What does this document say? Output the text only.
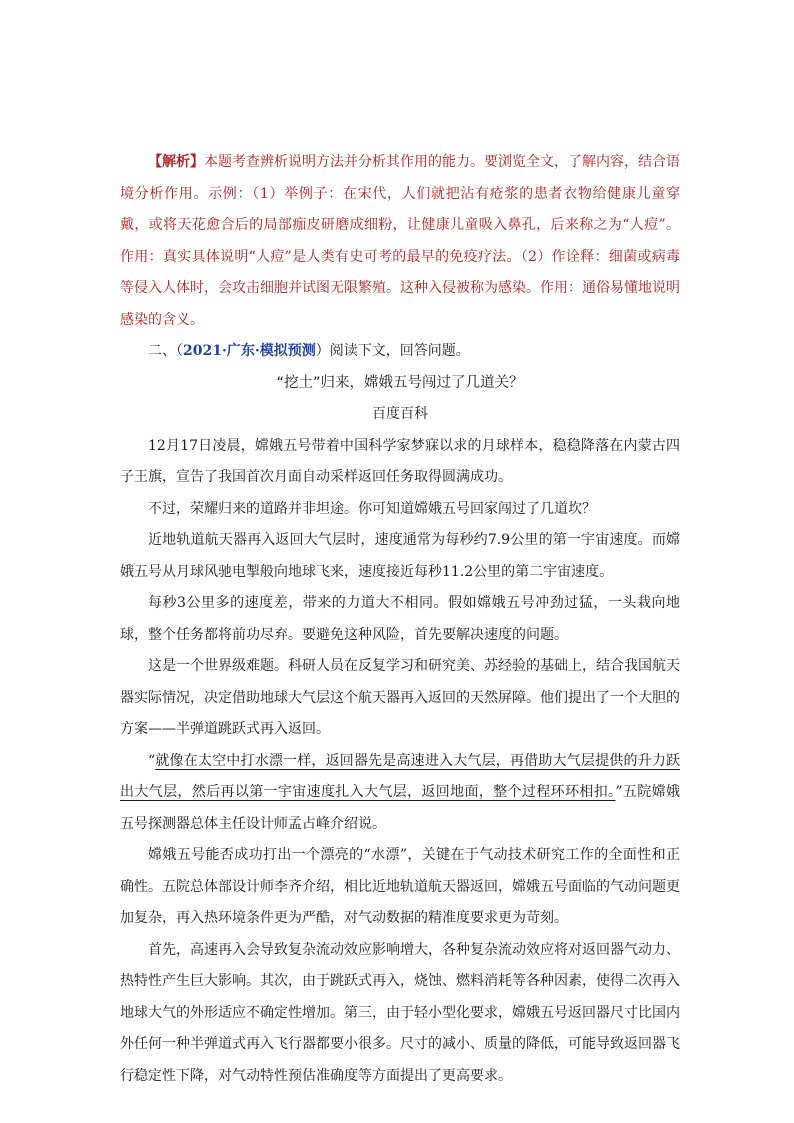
【解析】本题考查辨析说明方法并分析其作用的能力。要浏览全文，了解内容，结合语境分析作用。示例：（1）举例子：在宋代，人们就把沾有疮浆的患者衣物给健康儿童穿戴，或将天花愈合后的局部痂皮研磨成细粉，让健康儿童吸入鼻孔，后来称之为“人痘”。作用：真实具体说明“人痘”是人类有史可考的最早的免疫疗法。（2）作诠释：细菌或病毒等侵入人体时，会攻击细胞并试图无限繁殖。这种入侵被称为感染。作用：通俗易懂地说明感染的含义。

二、（2021·广东·模拟预测）阅读下文，回答问题。

“挖土”归来，嫦娥五号闯过了几道关？

百度百科

12月17日凌晨，嫦娥五号带着中国科学家梦寐以求的月球样本，稳稳降落在内蒙古四子王旗，宣告了我国首次月面自动采样返回任务取得圆满成功。

不过，荣耀归来的道路并非坦途。你可知道嫦娥五号回家闯过了几道坎？

近地轨道航天器再入返回大气层时，速度通常为每秒约7.9公里的第一宇宙速度。而嫦娥五号从月球风驰电掣般向地球飞来，速度接近每秒11.2公里的第二宇宙速度。

每秒3公里多的速度差，带来的力道大不相同。假如嫦娥五号冲劲过猛，一头栽向地球，整个任务都将前功尽弃。要避免这种风险，首先要解决速度的问题。

这是一个世界级难题。科研人员在反复学习和研究美、苏经验的基础上，结合我国航天器实际情况，决定借助地球大气层这个航天器再入返回的天然屏障。他们提出了一个大胆的方案——半弹道跳跃式再入返回。

“就像在太空中打水漂一样，返回器先是高速进入大气层，再借助大气层提供的升力跃出大气层，然后再以第一宇宙速度扎入大气层，返回地面，整个过程环环相扣。”五院嫦娥五号探测器总体主任设计师孟占峰介绍说。

嫦娥五号能否成功打出一个漂亮的“水漂”，关键在于气动技术研究工作的全面性和正确性。五院总体部设计师李齐介绍，相比近地轨道航天器返回，嫦娥五号面临的气动问题更加复杂，再入热环境条件更为严酷，对气动数据的精准度要求更为苛刻。

首先，高速再入会导致复杂流动效应影响增大，各种复杂流动效应将对返回器气动力、热特性产生巨大影响。其次，由于跳跃式再入，烧蚀、燃料消耗等各种因素，使得二次再入地球大气的外形适应不确定性增加。第三，由于轻小型化要求，嫦娥五号返回器尺寸比国内外任何一种半弹道式再入飞行器都要小很多。尺寸的减小、质量的降低，可能导致返回器飞行稳定性下降，对气动特性预估准确度等方面提出了更高要求。
